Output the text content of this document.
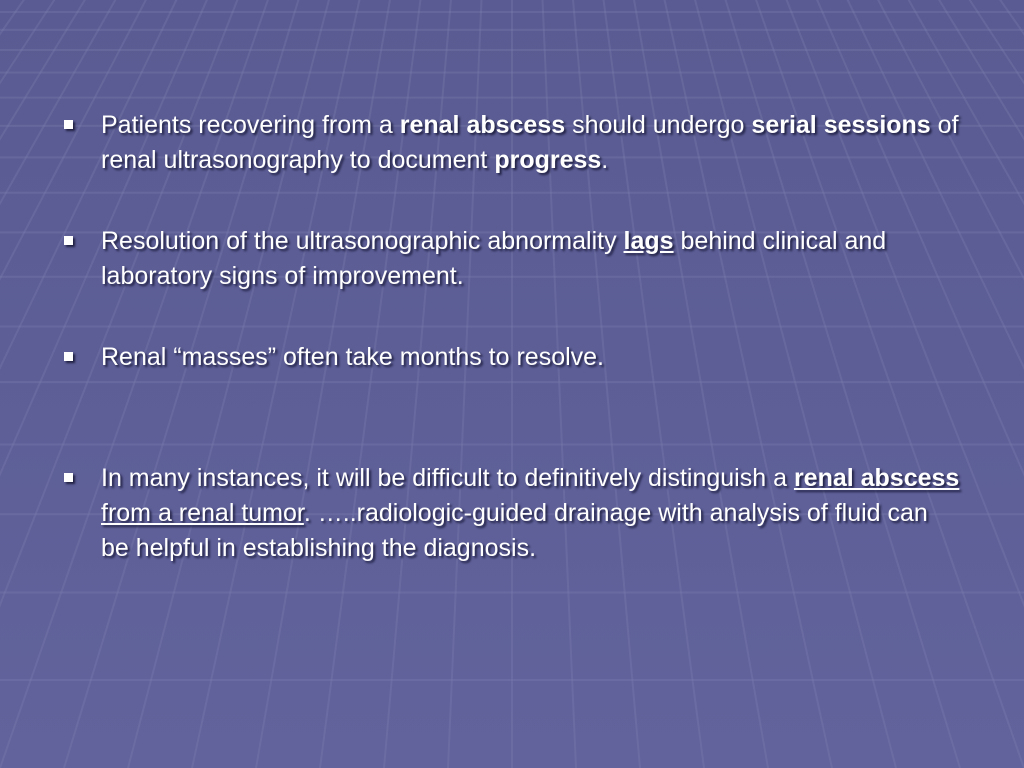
Patients recovering from a renal abscess should undergo serial sessions of renal ultrasonography to document progress.
Resolution of the ultrasonographic abnormality lags behind clinical and laboratory signs of improvement.
Renal “masses” often take months to resolve.
In many instances, it will be difficult to definitively distinguish a renal abscess from a renal tumor. …..radiologic-guided drainage with analysis of fluid can be helpful in establishing the diagnosis.
